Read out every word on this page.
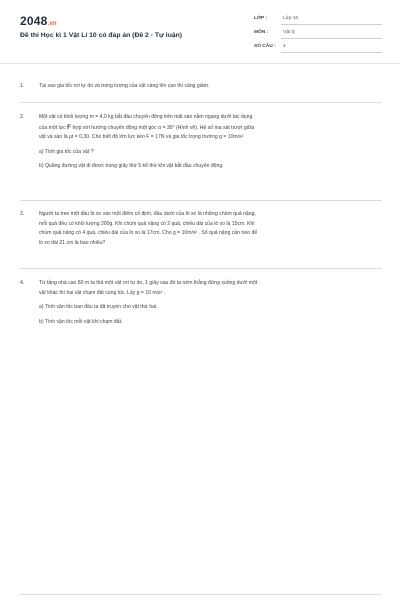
2048.vn
Đề thi Học kì 1 Vật Lí 10 có đáp án (Đề 2 - Tự luận)
LỚP :	Lớp 10
MÔN :	Vật lý
SỐ CÂU : 4
1.	Tại sao gia tốc rơi tự do và trọng lượng của vật càng lên cao thì càng giảm.

2.	Một vật có khối lượng m = 4,0 kg bắt đầu chuyển động trên mặt sàn nằm ngang dưới tác dụng

của một lực F hợp với hướng chuyển động một góc α = 30° (Hình vẽ). Hệ số ma sát trượt giữa

vật và sàn là μt = 0,30. Cho biết độ lớn lực kéo F = 17N và gia tốc trọng trường g = 10m/s²

a) Tính gia tốc của vật ?

b) Quãng đường vật đi được trong giây thứ 5 kể thừ khi vật bắt đầu chuyển động.

3.	Người ta treo một đầu lò xo vào một điểm cố định, đầu dưới của lò xo là những chùm quả nặng,

mỗi quả đều có khối lượng 200g. Khi chùm quả nặng có 2 quả, chiều dài của lò xo là 15cm. Khi

chùm quả nặng có 4 quả, chiều dài của lò xo là 17cm. Cho g = 10m/s² . Số quả nặng cần treo để

lò xo dài 21 cm là bao nhiêu?

4.	Từ tầng nhà cao 80 m ta thả một vật rơi tự do, 1 giây sau đó ta ném thẳng đứng xuống dưới một

vật khác thì hai vật chạm đất cùng lúc. Lấy g = 10 m/s² .

a) Tính vận tốc ban đầu ta đã truyền cho vật thứ hai.

b) Tính vận tốc mỗi vật khi chạm đất.
